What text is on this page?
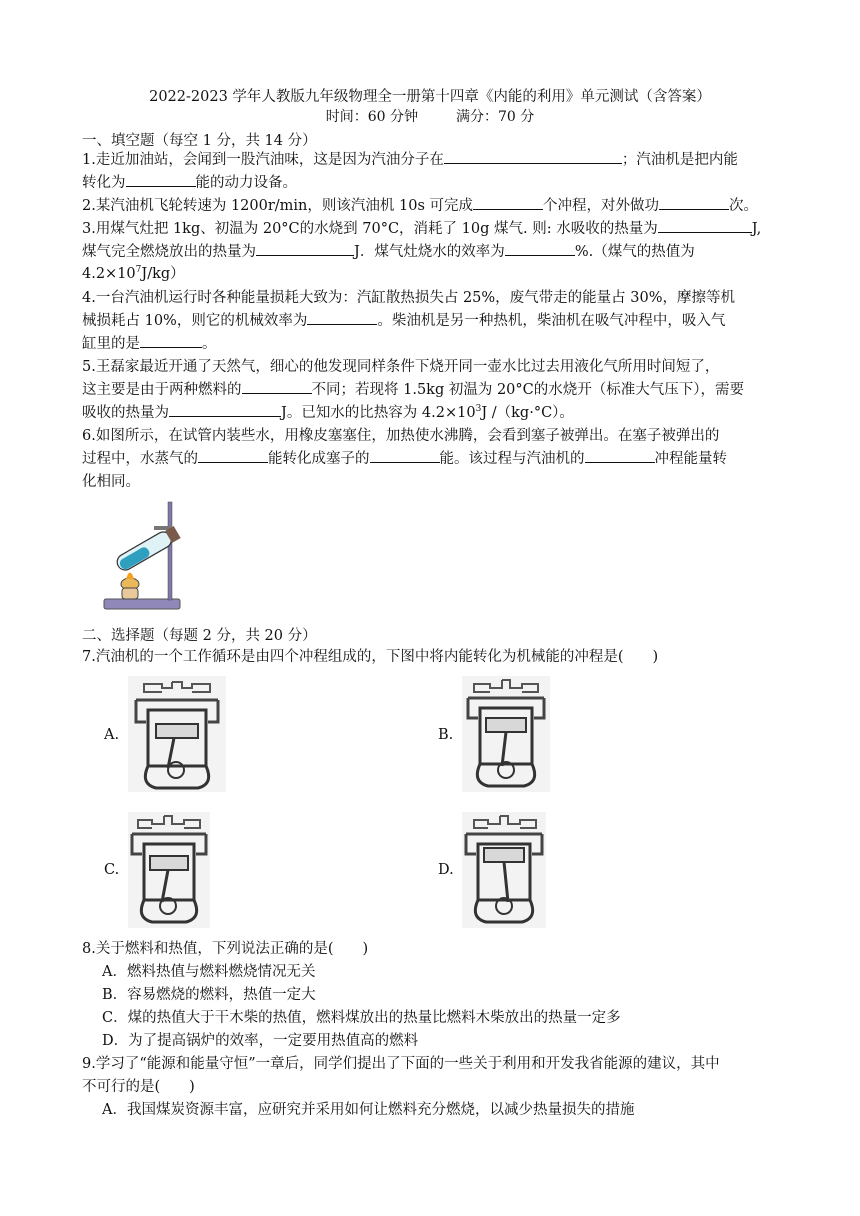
2022-2023 学年人教版九年级物理全一册第十四章《内能的利用》单元测试（含答案）
时间：60 分钟	满分：70 分
一、填空题（每空 1 分，共 14 分）
1.走近加油站，会闻到一股汽油味，这是因为汽油分子在	；汽油机是把内能
转化为	能的动力设备。
2.某汽油机飞轮转速为 1200r/min，则该汽油机 10s 可完成	个冲程，对外做功	次。
3.用煤气灶把 1kg、初温为 20°C的水烧到 70°C，消耗了 10g 煤气. 则: 水吸收的热量为	J,
煤气完全燃烧放出的热量为	J．煤气灶烧水的效率为	%.（煤气的热值为
$4.2\times 10^7J/kg$）
4.一台汽油机运行时各种能量损耗大致为：汽缸散热损失占 25%，废气带走的能量占 30%，摩擦等机
械损耗占 10%，则它的机械效率为	。柴油机是另一种热机，柴油机在吸气冲程中，吸入气
缸里的是	。
5.王磊家最近开通了天然气，细心的他发现同样条件下烧开同一壶水比过去用液化气所用时间短了，
这主要是由于两种燃料的	不同；若现将 1.5kg 初温为 20°C的水烧开（标准大气压下），需要
吸收的热量为	J。已知水的比热容为 $4.2\times 10^3J$ /（kg·°C）。
6.如图所示，在试管内装些水，用橡皮塞塞住，加热使水沸腾，会看到塞子被弹出。在塞子被弹出的
过程中，水蒸气的	能转化成塞子的	能。该过程与汽油机的	冲程能量转
化相同。
二、选择题（每题 2 分，共 20 分）
7.汽油机的一个工作循环是由四个冲程组成的，下图中将内能转化为机械能的冲程是(　　)
A.	B.
C.	D.
8.关于燃料和热值，下列说法正确的是(　　)
A．燃料热值与燃料燃烧情况无关
B．容易燃烧的燃料，热值一定大
C．煤的热值大于干木柴的热值，燃料煤放出的热量比燃料木柴放出的热量一定多
D．为了提高锅炉的效率，一定要用热值高的燃料
9.学习了“能源和能量守恒”一章后，同学们提出了下面的一些关于利用和开发我省能源的建议，其中
不可行的是(　　)
A．我国煤炭资源丰富，应研究并采用如何让燃料充分燃烧，以减少热量损失的措施
